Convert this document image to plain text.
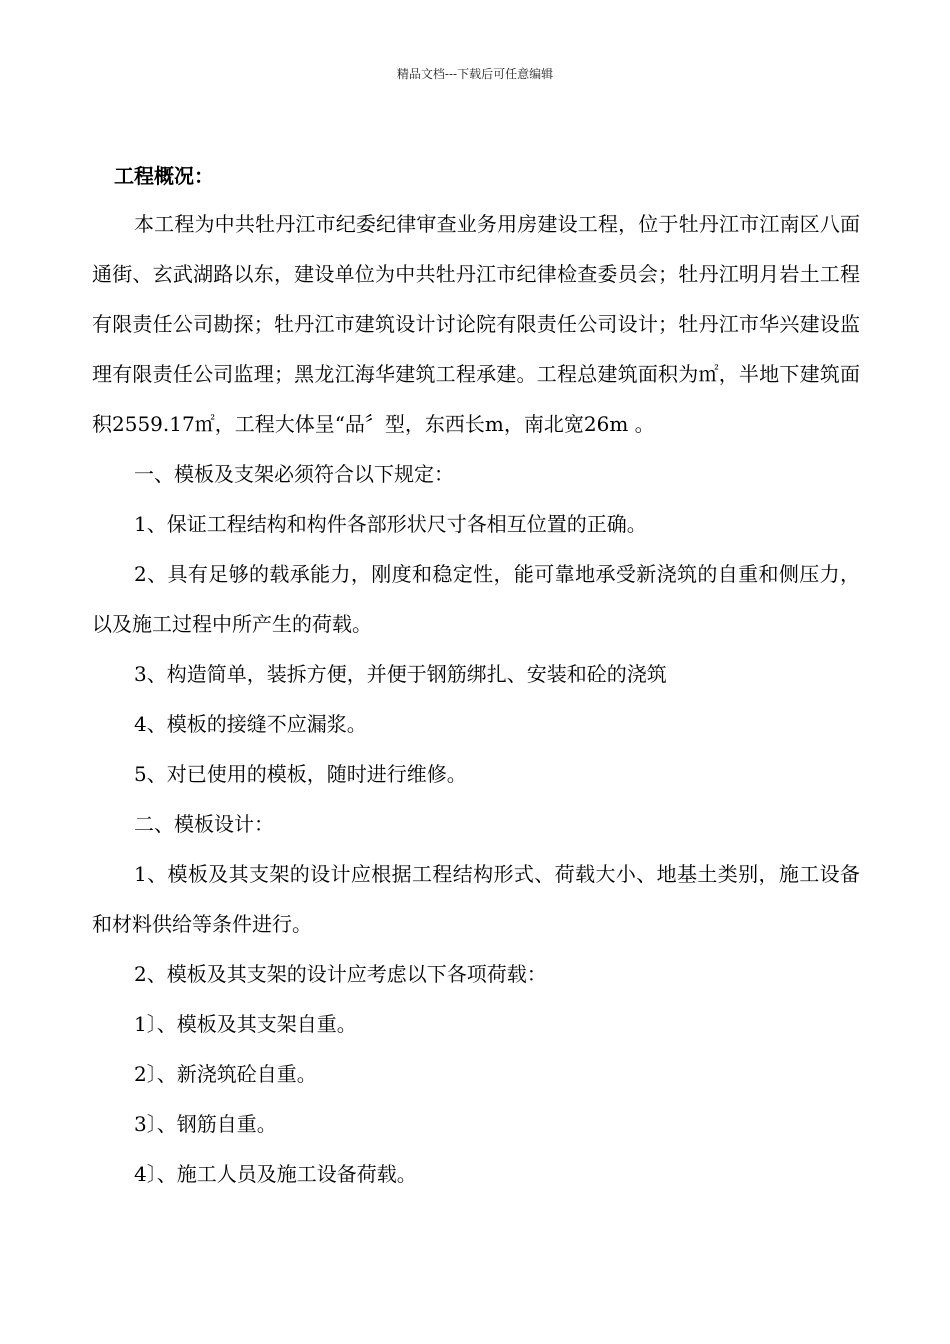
精品文档---下载后可任意编辑
工程概况：

本工程为中共牡丹江市纪委纪律审查业务用房建设工程，位于牡丹江市江南区八面通街、玄武湖路以东，建设单位为中共牡丹江市纪律检查委员会；牡丹江明月岩土工程有限责任公司勘探；牡丹江市建筑设计讨论院有限责任公司设计；牡丹江市华兴建设监理有限责任公司监理；黑龙江海华建筑工程承建。工程总建筑面积为㎡，半地下建筑面积2559.17㎡，工程大体呈“品〞型，东西长m，南北宽26m 。

一、模板及支架必须符合以下规定：

1、保证工程结构和构件各部形状尺寸各相互位置的正确。

2、具有足够的载承能力，刚度和稳定性，能可靠地承受新浇筑的自重和侧压力，以及施工过程中所产生的荷载。

3、构造简单，装拆方便，并便于钢筋绑扎、安装和砼的浇筑

4、模板的接缝不应漏浆。

5、对已使用的模板，随时进行维修。

二、模板设计：

1、模板及其支架的设计应根据工程结构形式、荷载大小、地基土类别，施工设备和材料供给等条件进行。

2、模板及其支架的设计应考虑以下各项荷载：

1〕、模板及其支架自重。

2〕、新浇筑砼自重。

3〕、钢筋自重。

4〕、施工人员及施工设备荷载。
